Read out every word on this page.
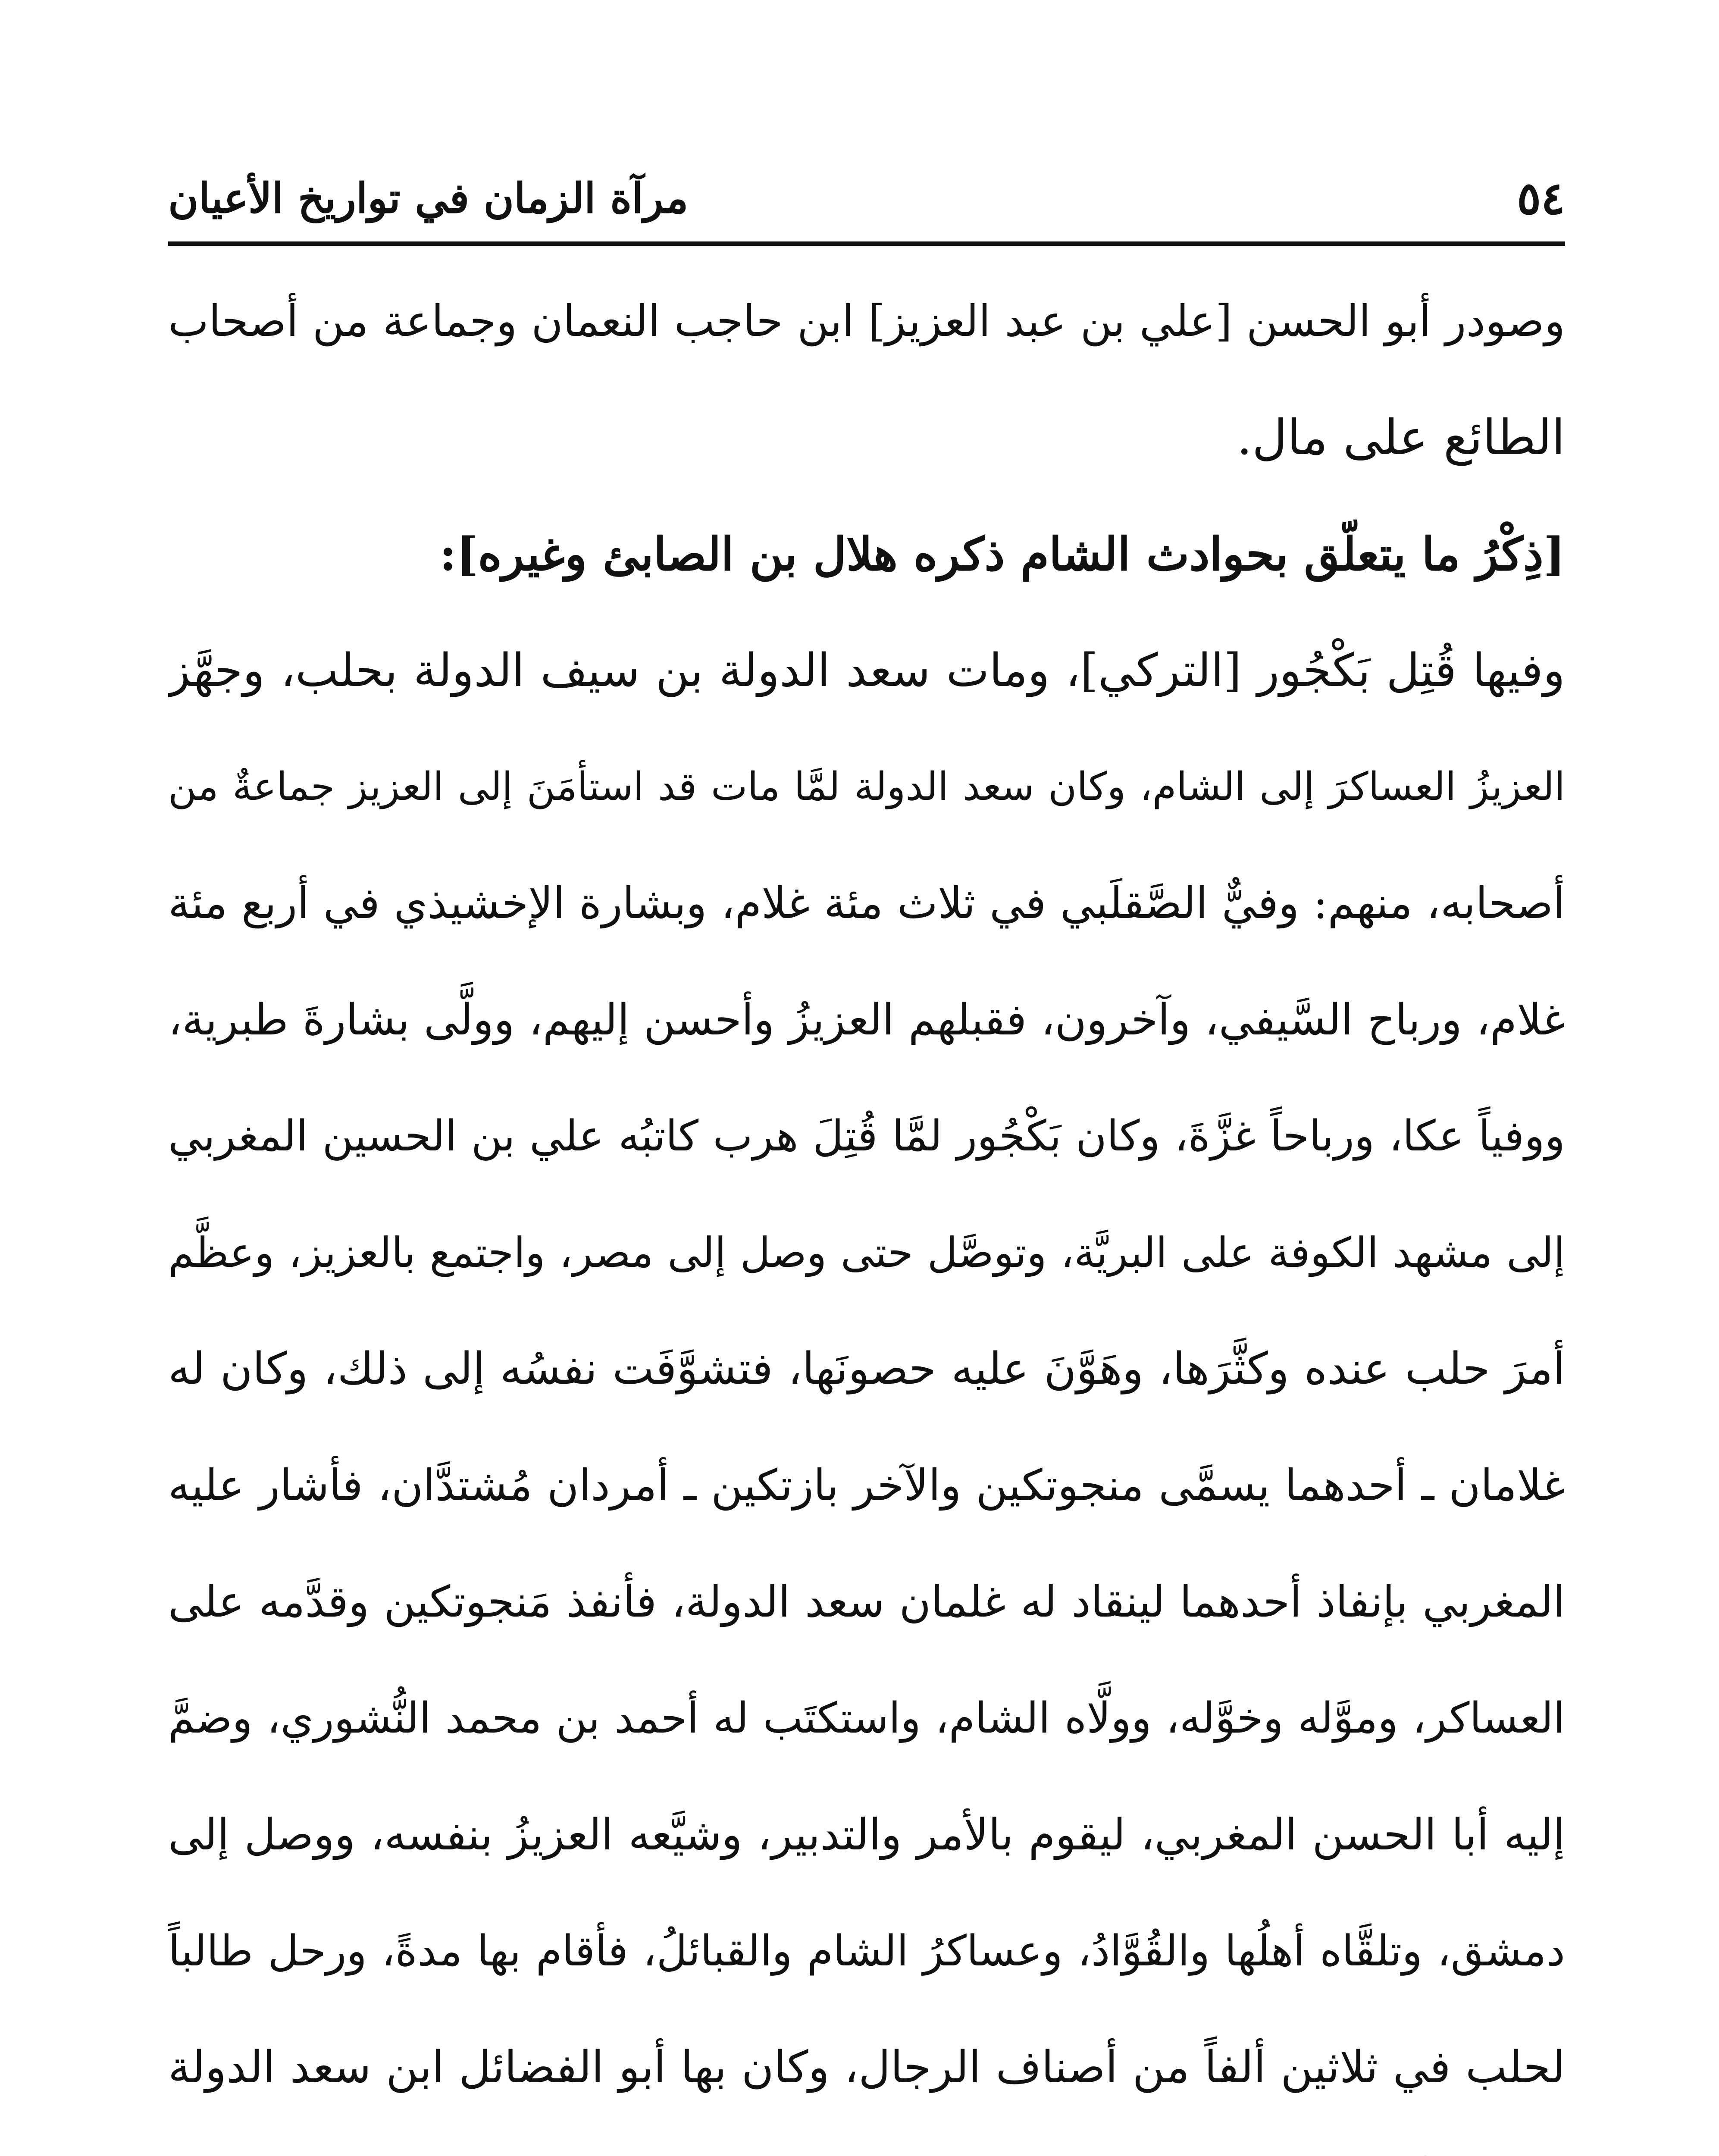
٥٤
مرآة الزمان في تواريخ الأعيان
وصودر أبو الحسن [علي بن عبد العزيز] ابن حاجب النعمان وجماعة من أصحاب
الطائع على مال.
[ذِكْرُ ما يتعلّق بحوادث الشام ذكره هلال بن الصابئ وغيره]:
وفيها قُتِل بَكْجُور [التركي]، ومات سعد الدولة بن سيف الدولة بحلب، وجهَّز
العزيزُ العساكرَ إلى الشام، وكان سعد الدولة لمَّا مات قد استأمَنَ إلى العزيز جماعةٌ من
أصحابه، منهم: وفيٌّ الصَّقلَبي في ثلاث مئة غلام، وبشارة الإخشيذي في أربع مئة
غلام، ورباح السَّيفي، وآخرون، فقبلهم العزيزُ وأحسن إليهم، وولَّى بشارةَ طبرية،
ووفياً عكا، ورباحاً غزَّةَ، وكان بَكْجُور لمَّا قُتِلَ هرب كاتبُه علي بن الحسين المغربي
إلى مشهد الكوفة على البريَّة، وتوصَّل حتى وصل إلى مصر، واجتمع بالعزيز، وعظَّم
أمرَ حلب عنده وكثَّرَها، وهَوَّنَ عليه حصونَها، فتشوَّفَت نفسُه إلى ذلك، وكان له
غلامان ـ أحدهما يسمَّى منجوتكين والآخر بازتكين ـ أمردان مُشتدَّان، فأشار عليه
المغربي بإنفاذ أحدهما لينقاد له غلمان سعد الدولة، فأنفذ مَنجوتكين وقدَّمه على
العساكر، وموَّله وخوَّله، وولَّاه الشام، واستكتَب له أحمد بن محمد النُّشوري، وضمَّ
إليه أبا الحسن المغربي، ليقوم بالأمر والتدبير، وشيَّعه العزيزُ بنفسه، ووصل إلى
دمشق، وتلقَّاه أهلُها والقُوَّادُ، وعساكرُ الشام والقبائلُ، فأقام بها مدةً، ورحل طالباً
لحلب في ثلاثين ألفاً من أصناف الرجال، وكان بها أبو الفضائل ابن سعد الدولة
